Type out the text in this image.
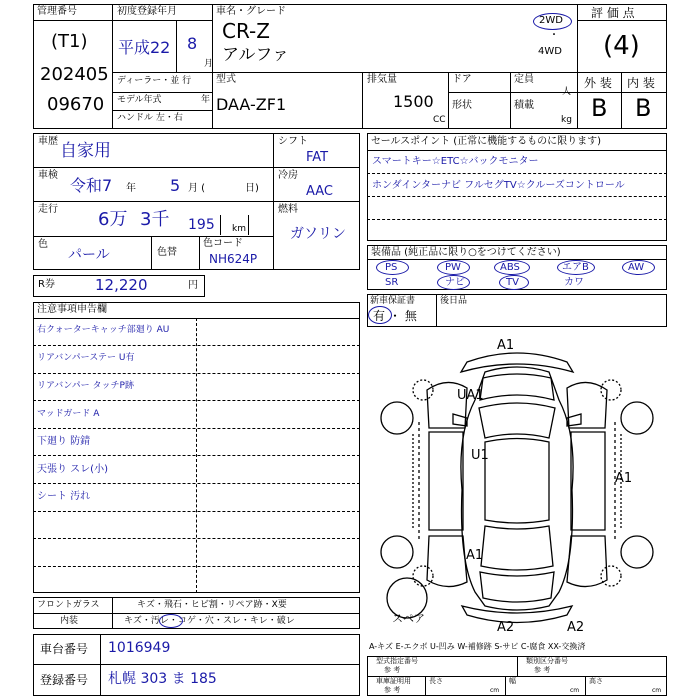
管理番号
(T1)
202405
09670
初度登録年月
平成22 8
月
ディーラー・並 行
モデル年式	年
ハンドル 左・右
車名・グレード
CR-Z
アルファ
2WD
・
4WD
型式
DAA-ZF1
排気量
1500
CC
ドア
形状
定員
人
積載
kg
評 価 点
(4)
外 装 内 装
B B
車歴 自家用
車検
令和7 年 5 月 (	日)
走行 6万 3千 195 km
色
パール	色替
色コード
NH624P
シフト
FAT
冷房
AAC
燃料
ガソリン
R券	12,220	円
セールスポイント (正常に機能するものに限ります)
スマートキー☆ETC☆バックモニター
ホンダインターナビ フルセグTV☆クルーズコントロール
装備品 (純正品に限り○をつけてください)
PS	PW	ABS	エアB	AW
SR	ナビ	TV	カワ
新車保証書
有 ・ 無
後日品
注意事項申告欄
右クォーターキャッチ部廻り AU
リアバンパーステー U有
リアバンパー タッチP跡
マッドガード A
下廻り 防錆
天張り スレ(小)
シート 汚れ
A1
UA1
U1
A1
A1
A2	A2
スペア
フロントガラス	キズ・飛石・ヒビ割・リペア跡・X要
内装	キズ・汚レ・コゲ・穴・スレ・キレ・破レ
A-キズ E-エクボ U-凹み W-補修跡 S-サビ C-腐食 XX-交換済
車台番号 1016949
登録番号 札幌 303 ま 185
型式指定番号
参 考
類別区分番号
参 考
車庫証明用
参 考
長さ
cm
幅
cm
高さ
cm
